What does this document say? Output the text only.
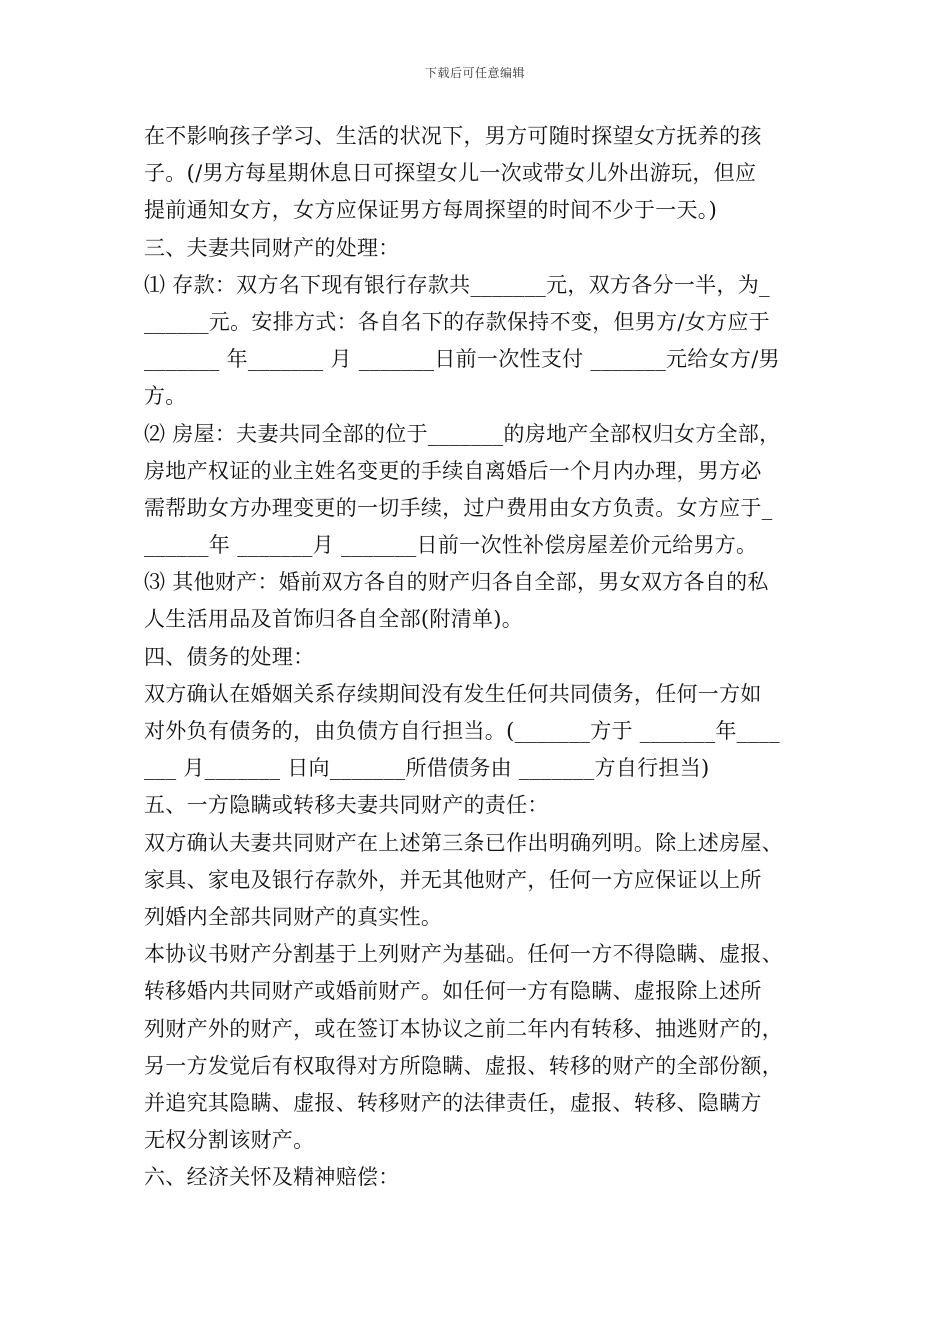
下载后可任意编辑
在不影响孩子学习、生活的状况下，男方可随时探望女方抚养的孩
子。(/男方每星期休息日可探望女儿一次或带女儿外出游玩，但应
提前通知女方，女方应保证男方每周探望的时间不少于一天。)
三、夫妻共同财产的处理：
⑴ 存款：双方名下现有银行存款共_______元，双方各分一半，为_
______元。安排方式：各自名下的存款保持不变，但男方/女方应于
_______ 年_______ 月 _______日前一次性支付 _______元给女方/男
方。
⑵ 房屋：夫妻共同全部的位于_______的房地产全部权归女方全部，
房地产权证的业主姓名变更的手续自离婚后一个月内办理，男方必
需帮助女方办理变更的一切手续，过户费用由女方负责。女方应于_
______年 _______月 _______日前一次性补偿房屋差价元给男方。
⑶ 其他财产：婚前双方各自的财产归各自全部，男女双方各自的私
人生活用品及首饰归各自全部(附清单)。
四、债务的处理：
双方确认在婚姻关系存续期间没有发生任何共同债务，任何一方如
对外负有债务的，由负债方自行担当。(_______方于 _______年____
___ 月_______ 日向_______所借债务由 _______方自行担当)
五、一方隐瞒或转移夫妻共同财产的责任：
双方确认夫妻共同财产在上述第三条已作出明确列明。除上述房屋、
家具、家电及银行存款外，并无其他财产，任何一方应保证以上所
列婚内全部共同财产的真实性。
本协议书财产分割基于上列财产为基础。任何一方不得隐瞒、虚报、
转移婚内共同财产或婚前财产。如任何一方有隐瞒、虚报除上述所
列财产外的财产，或在签订本协议之前二年内有转移、抽逃财产的，
另一方发觉后有权取得对方所隐瞒、虚报、转移的财产的全部份额，
并追究其隐瞒、虚报、转移财产的法律责任，虚报、转移、隐瞒方
无权分割该财产。
六、经济关怀及精神赔偿：
